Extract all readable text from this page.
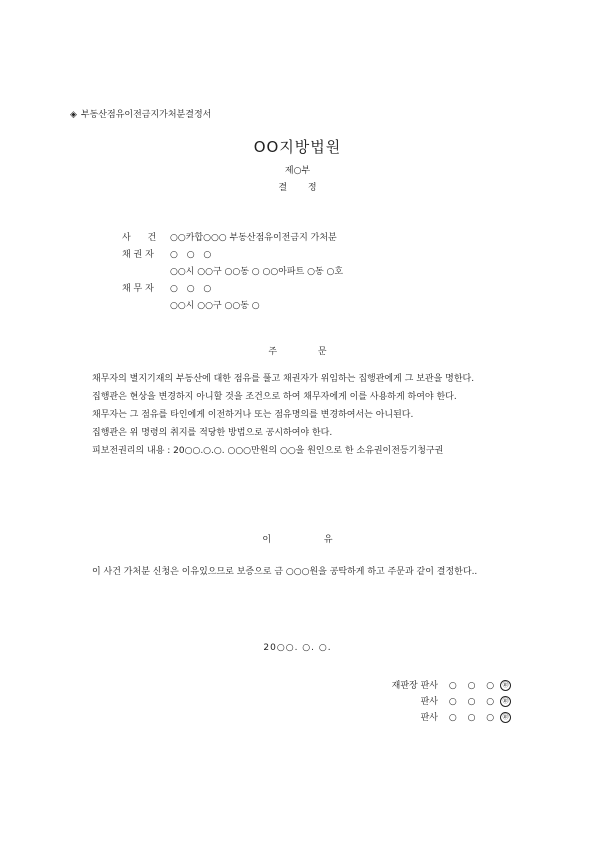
◈ 부동산점유이전금지가처분결정서
OO지방법원
제○부
결 정
사 건 ○○카합○○○ 부동산점유이전금지 가처분
채 권 자 ○ ○ ○
○○시 ○○구 ○○동 ○ ○○아파트 ○동 ○호
채 무 자 ○ ○ ○
○○시 ○○구 ○○동 ○
주 문
채무자의 별지기재의 부동산에 대한 점유를 풀고 채권자가 위임하는 집행관에게 그 보관을 명한다.
집행관은 현상을 변경하지 아니할 것을 조건으로 하여 채무자에게 이를 사용하게 하여야 한다.
채무자는 그 점유를 타인에게 이전하거나 또는 점유명의를 변경하여서는 아니된다.
집행관은 위 명령의 취지를 적당한 방법으로 공시하여야 한다.
피보전권리의 내용 : 20○○.○.○. ○○○만원의 ○○을 원인으로 한 소유권이전등기청구권
이 유
이 사건 가처분 신청은 이유있으므로 보증으로 금 ○○○원을 공탁하게 하고 주문과 같이 결정한다..
20○○. ○. ○.
재판장 판사 ○ ○ ○ ㊞
판사 ○ ○ ○ ㊞
판사 ○ ○ ○ ㊞
